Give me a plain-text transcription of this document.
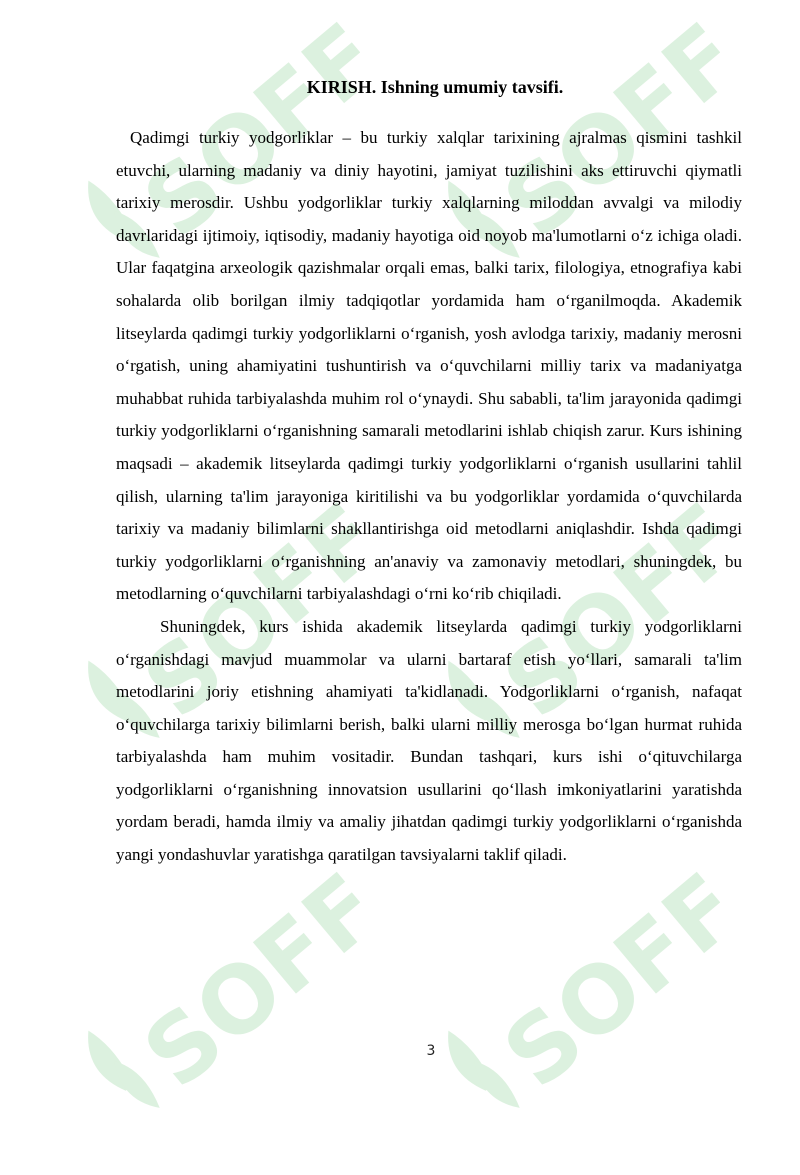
SOFF SOFF
SOFF SOFF
SOFF SOFF
KIRISH. Ishning umumiy tavsifi.

Qadimgi turkiy yodgorliklar – bu turkiy xalqlar tarixining ajralmas qismini tashkil etuvchi, ularning madaniy va diniy hayotini, jamiyat tuzilishini aks ettiruvchi qiymatli tarixiy merosdir. Ushbu yodgorliklar turkiy xalqlarning miloddan avvalgi va milodiy davrlaridagi ijtimoiy, iqtisodiy, madaniy hayotiga oid noyob ma'lumotlarni oʻz ichiga oladi. Ular faqatgina arxeologik qazishmalar orqali emas, balki tarix, filologiya, etnografiya kabi sohalarda olib borilgan ilmiy tadqiqotlar yordamida ham oʻrganilmoqda. Akademik litseylarda qadimgi turkiy yodgorliklarni oʻrganish, yosh avlodga tarixiy, madaniy merosni oʻrgatish, uning ahamiyatini tushuntirish va oʻquvchilarni milliy tarix va madaniyatga muhabbat ruhida tarbiyalashda muhim rol oʻynaydi. Shu sababli, ta'lim jarayonida qadimgi turkiy yodgorliklarni oʻrganishning samarali metodlarini ishlab chiqish zarur. Kurs ishining maqsadi – akademik litseylarda qadimgi turkiy yodgorliklarni oʻrganish usullarini tahlil qilish, ularning ta'lim jarayoniga kiritilishi va bu yodgorliklar yordamida oʻquvchilarda tarixiy va madaniy bilimlarni shakllantirishga oid metodlarni aniqlashdir. Ishda qadimgi turkiy yodgorliklarni oʻrganishning an'anaviy va zamonaviy metodlari, shuningdek, bu metodlarning oʻquvchilarni tarbiyalashdagi oʻrni koʻrib chiqiladi.

Shuningdek, kurs ishida akademik litseylarda qadimgi turkiy yodgorliklarni oʻrganishdagi mavjud muammolar va ularni bartaraf etish yoʻllari, samarali ta'lim metodlarini joriy etishning ahamiyati ta'kidlanadi. Yodgorliklarni oʻrganish, nafaqat oʻquvchilarga tarixiy bilimlarni berish, balki ularni milliy merosga boʻlgan hurmat ruhida tarbiyalashda ham muhim vositadir. Bundan tashqari, kurs ishi oʻqituvchilarga yodgorliklarni oʻrganishning innovatsion usullarini qoʻllash imkoniyatlarini yaratishda yordam beradi, hamda ilmiy va amaliy jihatdan qadimgi turkiy yodgorliklarni oʻrganishda yangi yondashuvlar yaratishga qaratilgan tavsiyalarni taklif qiladi.

3
